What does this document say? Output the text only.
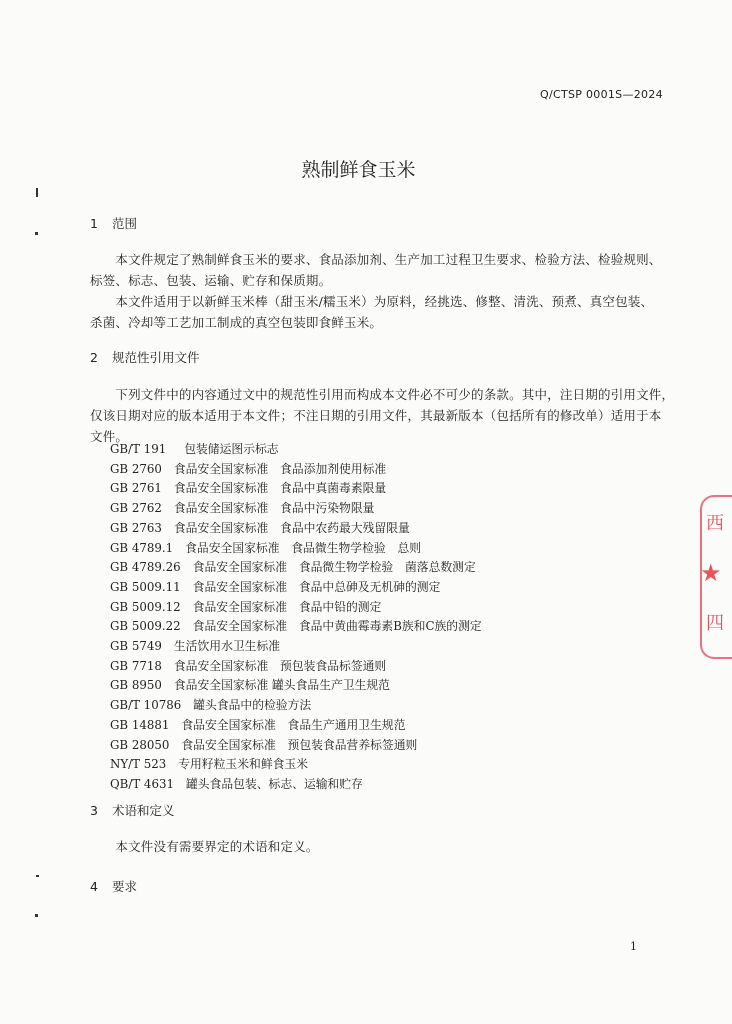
Q/CTSP 0001S—2024
熟制鲜食玉米
1 范围
　　本文件规定了熟制鲜食玉米的要求、食品添加剂、生产加工过程卫生要求、检验方法、检验规则、
标签、标志、包装、运输、贮存和保质期。
　　本文件适用于以新鲜玉米棒（甜玉米/糯玉米）为原料，经挑选、修整、清洗、预煮、真空包装、
杀菌、冷却等工艺加工制成的真空包装即食鲜玉米。
2 规范性引用文件
　　下列文件中的内容通过文中的规范性引用而构成本文件必不可少的条款。其中，注日期的引用文件，
仅该日期对应的版本适用于本文件；不注日期的引用文件，其最新版本（包括所有的修改单）适用于本
文件。
GB/T 191 包装储运图示标志
GB 2760 食品安全国家标准　食品添加剂使用标准
GB 2761 食品安全国家标准　食品中真菌毒素限量
GB 2762 食品安全国家标准　食品中污染物限量
GB 2763 食品安全国家标准　食品中农药最大残留限量
GB 4789.1 食品安全国家标准　食品微生物学检验　总则
GB 4789.26 食品安全国家标准　食品微生物学检验　菌落总数测定
GB 5009.11 食品安全国家标准　食品中总砷及无机砷的测定
GB 5009.12 食品安全国家标准　食品中铅的测定
GB 5009.22 食品安全国家标准　食品中黄曲霉毒素B族和C族的测定
GB 5749 生活饮用水卫生标准
GB 7718 食品安全国家标准　预包装食品标签通则
GB 8950 食品安全国家标准 罐头食品生产卫生规范
GB/T 10786 罐头食品中的检验方法
GB 14881 食品安全国家标准　食品生产通用卫生规范
GB 28050 食品安全国家标准　预包装食品营养标签通则
NY/T 523 专用籽粒玉米和鲜食玉米
QB/T 4631 罐头食品包装、标志、运输和贮存
3 术语和定义
　　本文件没有需要界定的术语和定义。
4 要求
1
西
★
四
